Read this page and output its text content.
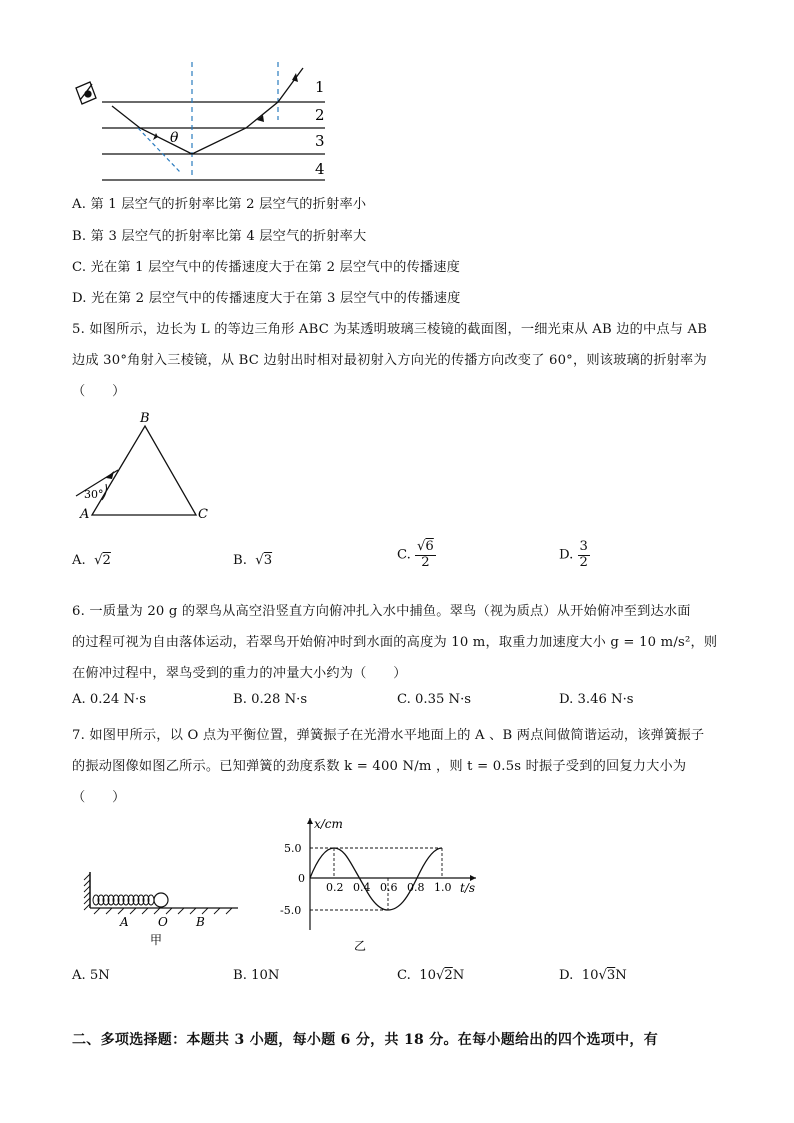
θ
1
2
3
4
A. 第 1 层空气的折射率比第 2 层空气的折射率小
B. 第 3 层空气的折射率比第 4 层空气的折射率大
C. 光在第 1 层空气中的传播速度大于在第 2 层空气中的传播速度
D. 光在第 2 层空气中的传播速度大于在第 3 层空气中的传播速度
5. 如图所示，边长为 L 的等边三角形 ABC 为某透明玻璃三棱镜的截面图，一细光束从 AB 边的中点与 AB
边成 30°角射入三棱镜，从 BC 边射出时相对最初射入方向光的传播方向改变了 60°，则该玻璃的折射率为
（　　）
B
A	C
30°
A.  √2	B.  √3	C. $\frac{√6}{2}$	D. $\frac{3}{2}$
6. 一质量为 20 g 的翠鸟从高空沿竖直方向俯冲扎入水中捕鱼。翠鸟（视为质点）从开始俯冲至到达水面
的过程可视为自由落体运动，若翠鸟开始俯冲时到水面的高度为 10 m，取重力加速度大小 g = 10 m/s²，则
在俯冲过程中，翠鸟受到的重力的冲量大小约为（　　）
A. 0.24 N·s	B. 0.28 N·s	C. 0.35 N·s	D. 3.46 N·s
7. 如图甲所示，以 O 点为平衡位置，弹簧振子在光滑水平地面上的 A 、B 两点间做简谐运动，该弹簧振子
的振动图像如图乙所示。已知弹簧的劲度系数 k = 400 N/m ，则 t = 0.5s 时振子受到的回复力大小为
（　　）
A O B
甲
x/cm
t/s
5.0
0
-5.0
0.2 0.4 0.6 0.8 1.0
乙
A. 5N	B. 10N	C. 10√2N	D. 10√3N
二、多项选择题：本题共 3 小题，每小题 6 分，共 18 分。在每小题给出的四个选项中，有
